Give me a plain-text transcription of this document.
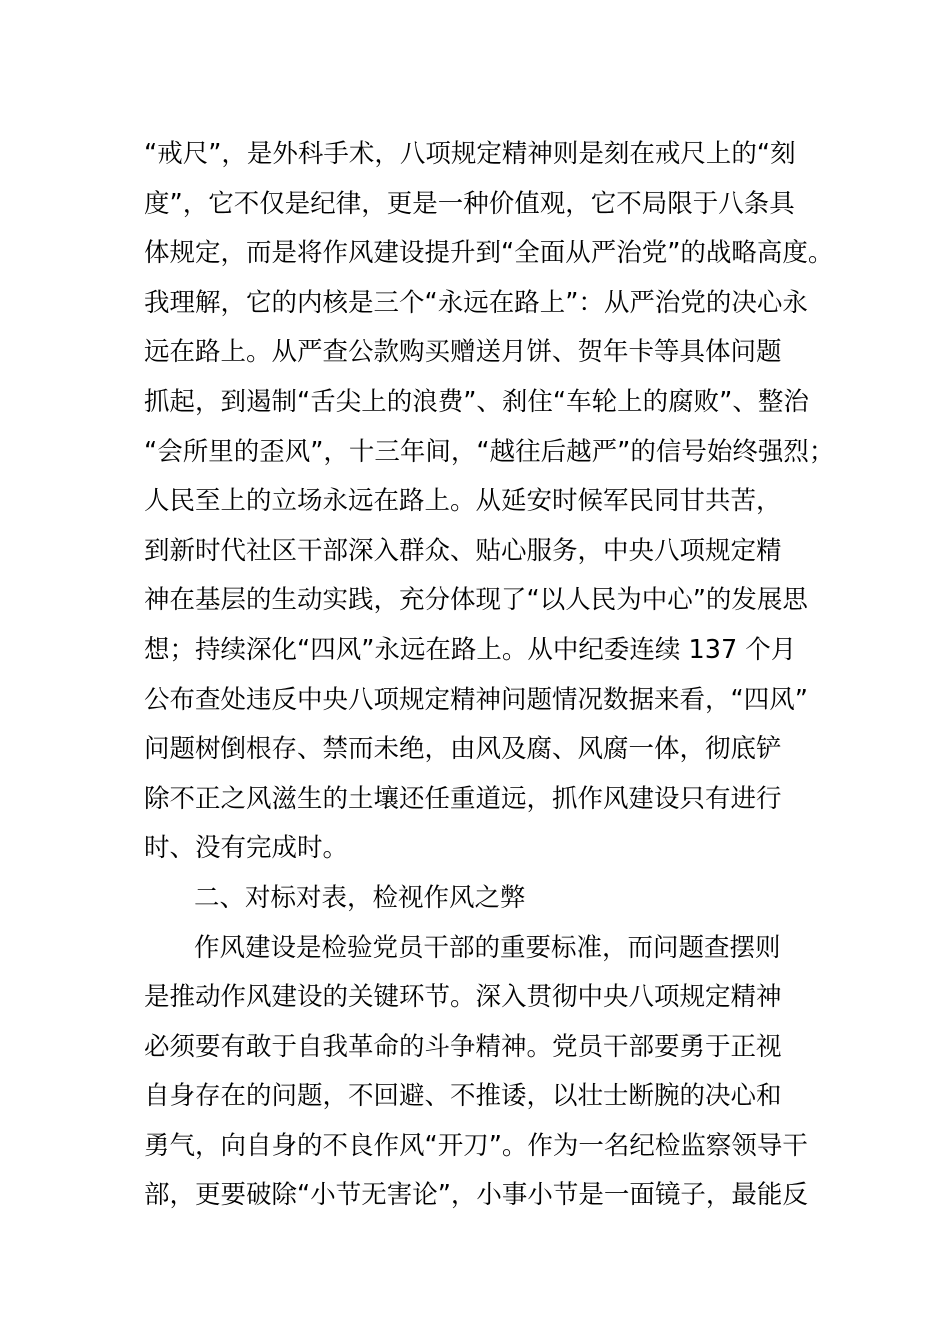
“戒尺”，是外科手术，八项规定精神则是刻在戒尺上的“刻
度”，它不仅是纪律，更是一种价值观，它不局限于八条具
体规定，而是将作风建设提升到“全面从严治党”的战略高度。
我理解，它的内核是三个“永远在路上”：从严治党的决心永
远在路上。从严查公款购买赠送月饼、贺年卡等具体问题
抓起，到遏制“舌尖上的浪费”、刹住“车轮上的腐败”、整治
“会所里的歪风”，十三年间，“越往后越严”的信号始终强烈；
人民至上的立场永远在路上。从延安时候军民同甘共苦，
到新时代社区干部深入群众、贴心服务，中央八项规定精
神在基层的生动实践，充分体现了“以人民为中心”的发展思
想；持续深化“四风”永远在路上。从中纪委连续 137 个月
公布查处违反中央八项规定精神问题情况数据来看，“四风”
问题树倒根存、禁而未绝，由风及腐、风腐一体，彻底铲
除不正之风滋生的土壤还任重道远，抓作风建设只有进行
时、没有完成时。
二、对标对表，检视作风之弊
作风建设是检验党员干部的重要标准，而问题查摆则
是推动作风建设的关键环节。深入贯彻中央八项规定精神
必须要有敢于自我革命的斗争精神。党员干部要勇于正视
自身存在的问题，不回避、不推诿，以壮士断腕的决心和
勇气，向自身的不良作风“开刀”。作为一名纪检监察领导干
部，更要破除“小节无害论”，小事小节是一面镜子，最能反
